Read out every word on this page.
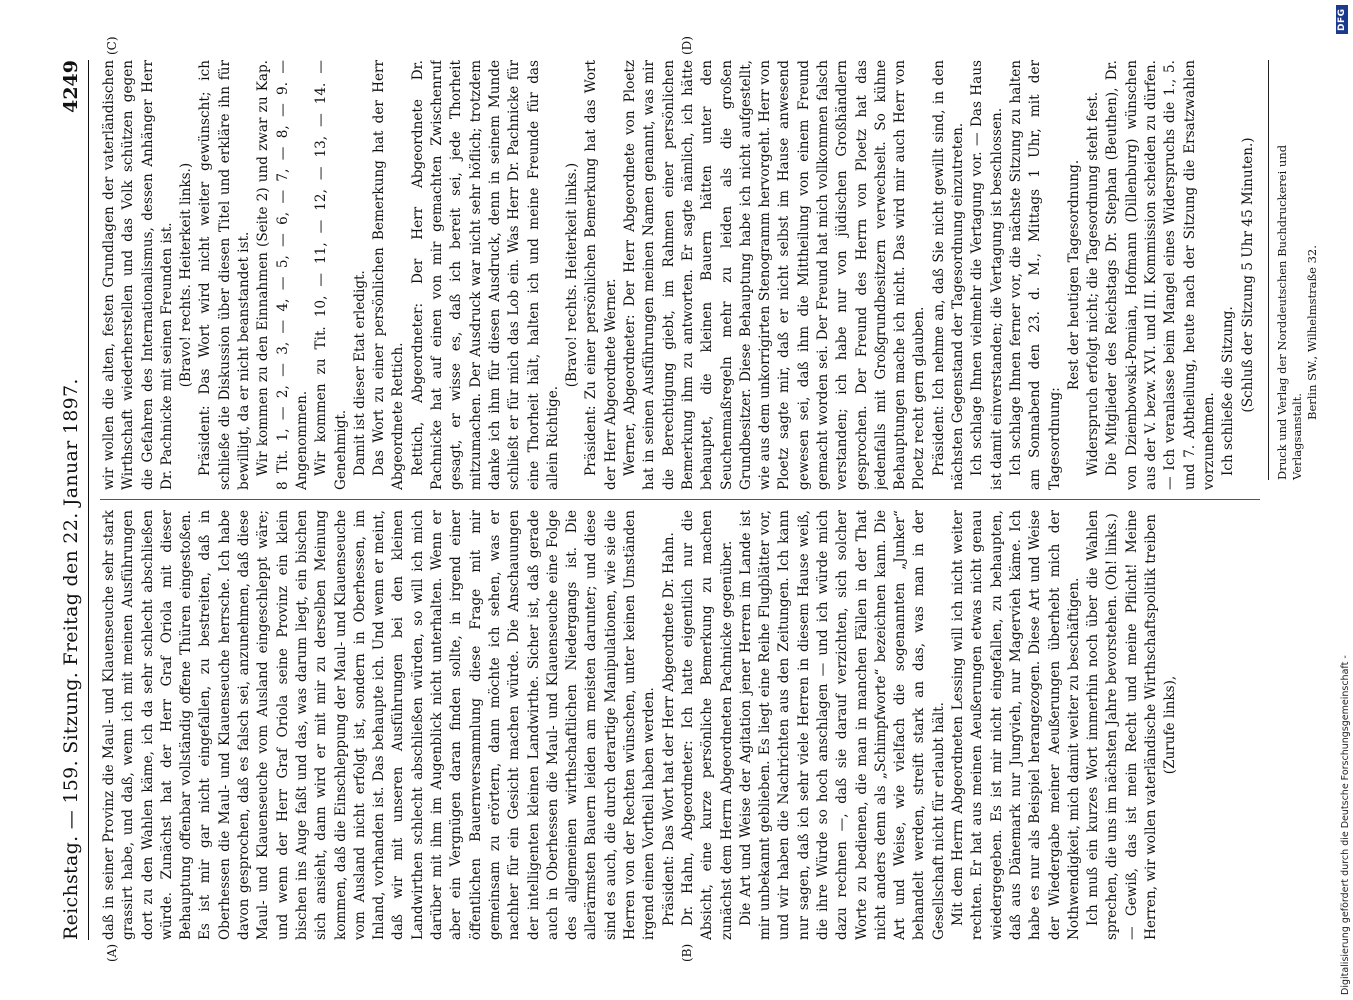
Reichstag. — 159. Sitzung. Freitag den 22. Januar 1897.
4249
(A)	(B)
(C)	(D)

daß in seiner Provinz die Maul- und Klauenseuche sehr stark grassirt habe, und daß, wenn ich mit meinen Ausführungen dort zu den Wahlen käme, ich da sehr schlecht abschließen würde. Zunächst hat der Herr Graf Oriola mit dieser Behauptung offenbar vollständig offene Thüren eingestoßen. Es ist mir gar nicht eingefallen, zu bestreiten, daß in Oberhessen die Maul- und Klauenseuche herrsche. Ich habe davon gesprochen, daß es falsch sei, anzunehmen, daß diese Maul- und Klauenseuche vom Ausland eingeschleppt wäre; und wenn der Herr Graf Oriola seine Provinz ein klein bischen ins Auge faßt und das, was darum liegt, ein bischen sich ansieht, dann wird er mit mir zu derselben Meinung kommen, daß die Einschleppung der Maul- und Klauenseuche vom Ausland nicht erfolgt ist, sondern in Oberhessen, im Inland, vorhanden ist. Das behaupte ich. Und wenn er meint, daß wir mit unseren Ausführungen bei den kleinen Landwirthen schlecht abschließen würden, so will ich mich darüber mit ihm im Augenblick nicht unterhalten. Wenn er aber ein Vergnügen daran finden sollte, in irgend einer öffentlichen Bauernversammlung diese Frage mit mir gemeinsam zu erörtern, dann möchte ich sehen, was er nachher für ein Gesicht machen würde. Die Anschauungen der intelligenten kleinen Landwirthe. Sicher ist, daß gerade auch in Oberhessen die Maul- und Klauenseuche eine Folge des allgemeinen wirthschaftlichen Niedergangs ist. Die allerärmsten Bauern leiden am meisten darunter; und diese sind es auch, die durch derartige Manipulationen, wie sie die Herren von der Rechten wünschen, unter keinen Umständen irgend einen Vortheil haben werden. Präsident: Das Wort hat der Herr Abgeordnete Dr. Hahn. Dr. Hahn, Abgeordneter: Ich hatte eigentlich nur die Absicht, eine kurze persönliche Bemerkung zu machen zunächst dem Herrn Abgeordneten Pachnicke gegenüber. Die Art und Weise der Agitation jener Herren im Lande ist mir unbekannt geblieben. Es liegt eine Reihe Flugblätter vor, und wir haben die Nachrichten aus den Zeitungen. Ich kann nur sagen, daß ich sehr viele Herren in diesem Hause weiß, die ihre Würde so hoch anschlagen — und ich würde mich dazu rechnen —, daß sie darauf verzichten, sich solcher Worte zu bedienen, die man in manchen Fällen in der That nicht anders denn als „Schimpfworte“ bezeichnen kann. Die Art und Weise, wie vielfach die sogenannten „Junker“ behandelt werden, streift stark an das, was man in der Gesellschaft nicht für erlaubt hält. Mit dem Herrn Abgeordneten Lessing will ich nicht weiter rechten. Er hat aus meinen Aeußerungen etwas nicht genau wiedergegeben. Es ist mir nicht eingefallen, zu behaupten, daß aus Dänemark nur Jungvieh, nur Magervieh käme. Ich habe es nur als Beispiel herangezogen. Diese Art und Weise der Wiedergabe meiner Aeußerungen überhebt mich der Nothwendigkeit, mich damit weiter zu beschäftigen. Ich muß ein kurzes Wort immerhin noch über die Wahlen sprechen, die uns im nächsten Jahre bevorstehen. (Oh! links.) — Gewiß, das ist mein Recht und meine Pflicht! Meine Herren, wir wollen vaterländische Wirthschaftspolitik treiben (Zurufe links),

wir wollen die alten, festen Grundlagen der vaterländischen Wirthschaft wiederherstellen und das Volk schützen gegen die Gefahren des Internationalismus, dessen Anhänger Herr Dr. Pachnicke mit seinen Freunden ist. (Bravo! rechts. Heiterkeit links.) Präsident: Das Wort wird nicht weiter gewünscht; ich schließe die Diskussion über diesen Titel und erkläre ihn für bewilligt, da er nicht beanstandet ist. Wir kommen zu den Einnahmen (Seite 2) und zwar zu Kap. 8 Tit. 1, — 2, — 3, — 4, — 5, — 6, — 7, — 8, — 9. — Angenommen. Wir kommen zu Tit. 10, — 11, — 12, — 13, — 14. — Genehmigt. Damit ist dieser Etat erledigt. Das Wort zu einer persönlichen Bemerkung hat der Herr Abgeordnete Rettich. Rettich, Abgeordneter: Der Herr Abgeordnete Dr. Pachnicke hat auf einen von mir gemachten Zwischenruf gesagt, er wisse es, daß ich bereit sei, jede Thorheit mitzumachen. Der Ausdruck war nicht sehr höflich; trotzdem danke ich ihm für diesen Ausdruck, denn in seinem Munde schließt er für mich das Lob ein. Was Herr Dr. Pachnicke für eine Thorheit hält, halten ich und meine Freunde für das allein Richtige.

(Bravo! rechts. Heiterkeit links.) Präsident: Zu einer persönlichen Bemerkung hat das Wort der Herr Abgeordnete Werner. Werner, Abgeordneter: Der Herr Abgeordnete von Ploetz hat in seinen Ausführungen meinen Namen genannt, was mir die Berechtigung giebt, im Rahmen einer persönlichen Bemerkung ihm zu antworten. Er sagte nämlich, ich hätte behauptet, die kleinen Bauern hätten unter den Seuchenmaßregeln mehr zu leiden als die großen Grundbesitzer. Diese Behauptung habe ich nicht aufgestellt, wie aus dem unkorrigirten Stenogramm hervorgeht. Herr von Ploetz sagte mir, daß er nicht selbst im Hause anwesend gewesen sei, daß ihm die Mittheilung von einem Freund gemacht worden sei. Der Freund hat mich vollkommen falsch verstanden; ich habe nur von jüdischen Großhändlern gesprochen. Der Freund des Herrn von Ploetz hat das jedenfalls mit Großgrundbesitzern verwechselt. So kühne Behauptungen mache ich nicht. Das wird mir auch Herr von Ploetz recht gern glauben. Präsident: Ich nehme an, daß Sie nicht gewillt sind, in den nächsten Gegenstand der Tagesordnung einzutreten. Ich schlage Ihnen vielmehr die Vertagung vor. — Das Haus ist damit einverstanden; die Vertagung ist beschlossen. Ich schlage Ihnen ferner vor, die nächste Sitzung zu halten am Sonnabend den 23. d. M., Mittags 1 Uhr, mit der Tagesordnung:

Rest der heutigen Tagesordnung. Widerspruch erfolgt nicht; die Tagesordnung steht fest. Die Mitglieder des Reichstags Dr. Stephan (Beuthen), Dr. von Dziembowski-Pomian, Hofmann (Dillenburg) wünschen aus der V. bezw. XVI. und III. Kommission scheiden zu dürfen. — Ich veranlasse beim Mangel eines Widerspruchs die 1., 5. und 7. Abtheilung, heute nach der Sitzung die Ersatzwahlen vorzunehmen. Ich schließe die Sitzung. (Schluß der Sitzung 5 Uhr 45 Minuten.)	Druck und Verlag der Norddeutschen Buchdruckerei und Verlagsanstalt.
Berlin SW., Wilhelmstraße 32.
Digitalisierung gefördert durch die Deutsche Forschungsgemeinschaft -
DFG
